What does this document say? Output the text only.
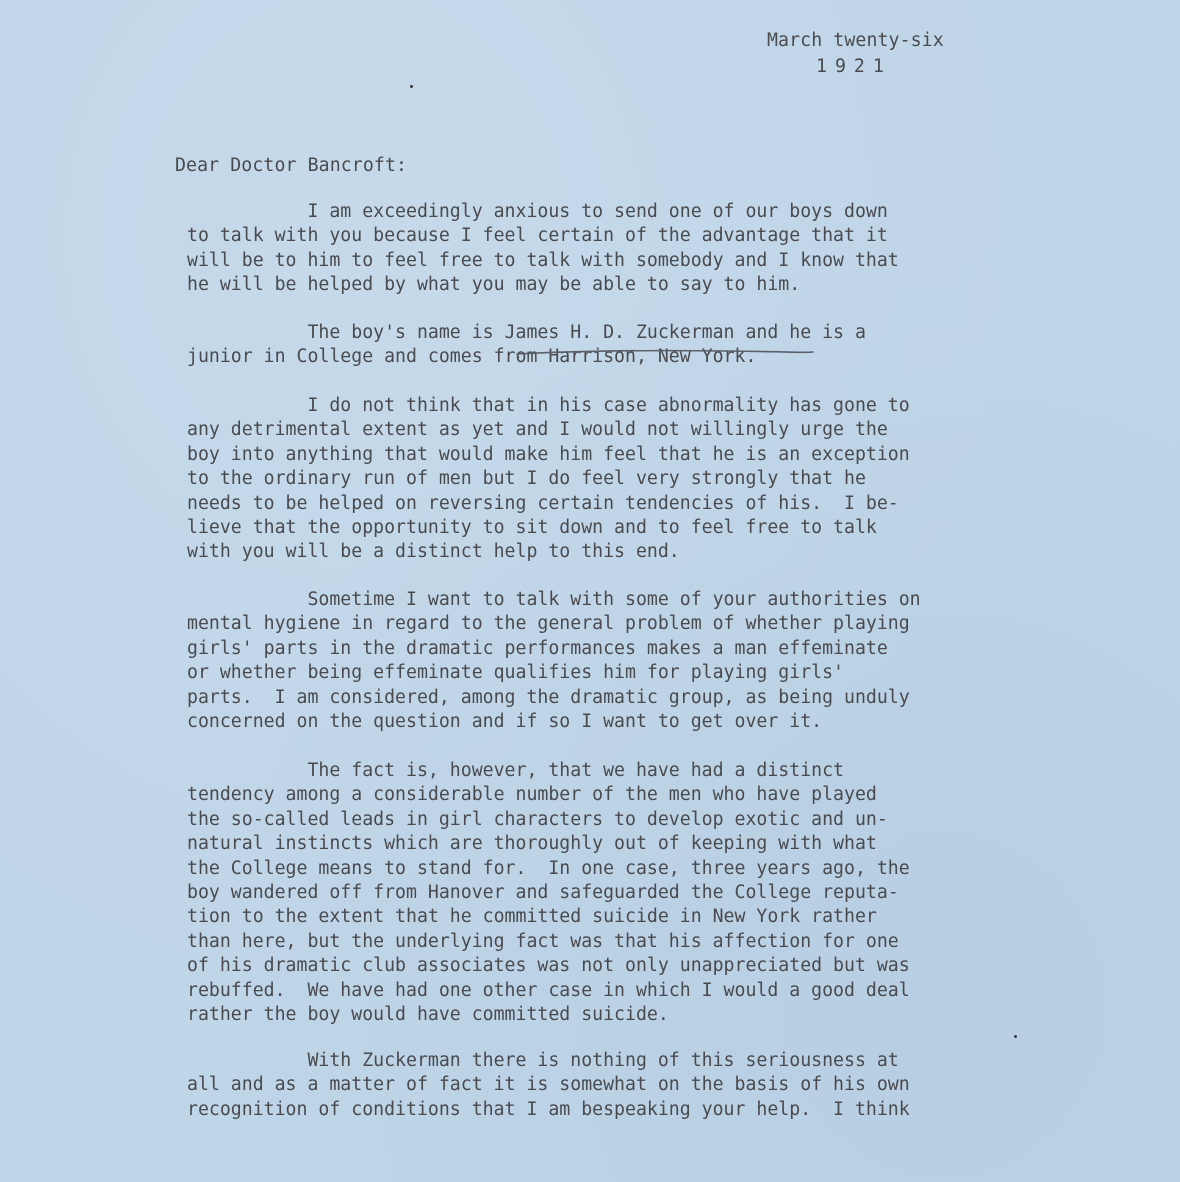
March twenty-six
1921
Dear Doctor Bancroft:
I am exceedingly anxious to send one of our boys down
to talk with you because I feel certain of the advantage that it
will be to him to feel free to talk with somebody and I know that
he will be helped by what you may be able to say to him.
The boy's name is James H. D. Zuckerman and he is a
junior in College and comes from Harrison, New York.
I do not think that in his case abnormality has gone to
any detrimental extent as yet and I would not willingly urge the
boy into anything that would make him feel that he is an exception
to the ordinary run of men but I do feel very strongly that he
needs to be helped on reversing certain tendencies of his.  I be-
lieve that the opportunity to sit down and to feel free to talk
with you will be a distinct help to this end.
Sometime I want to talk with some of your authorities on
mental hygiene in regard to the general problem of whether playing
girls' parts in the dramatic performances makes a man effeminate
or whether being effeminate qualifies him for playing girls'
parts.  I am considered, among the dramatic group, as being unduly
concerned on the question and if so I want to get over it.
The fact is, however, that we have had a distinct
tendency among a considerable number of the men who have played
the so-called leads in girl characters to develop exotic and un-
natural instincts which are thoroughly out of keeping with what
the College means to stand for.  In one case, three years ago, the
boy wandered off from Hanover and safeguarded the College reputa-
tion to the extent that he committed suicide in New York rather
than here, but the underlying fact was that his affection for one
of his dramatic club associates was not only unappreciated but was
rebuffed.  We have had one other case in which I would a good deal
rather the boy would have committed suicide.
With Zuckerman there is nothing of this seriousness at
all and as a matter of fact it is somewhat on the basis of his own
recognition of conditions that I am bespeaking your help.  I think
